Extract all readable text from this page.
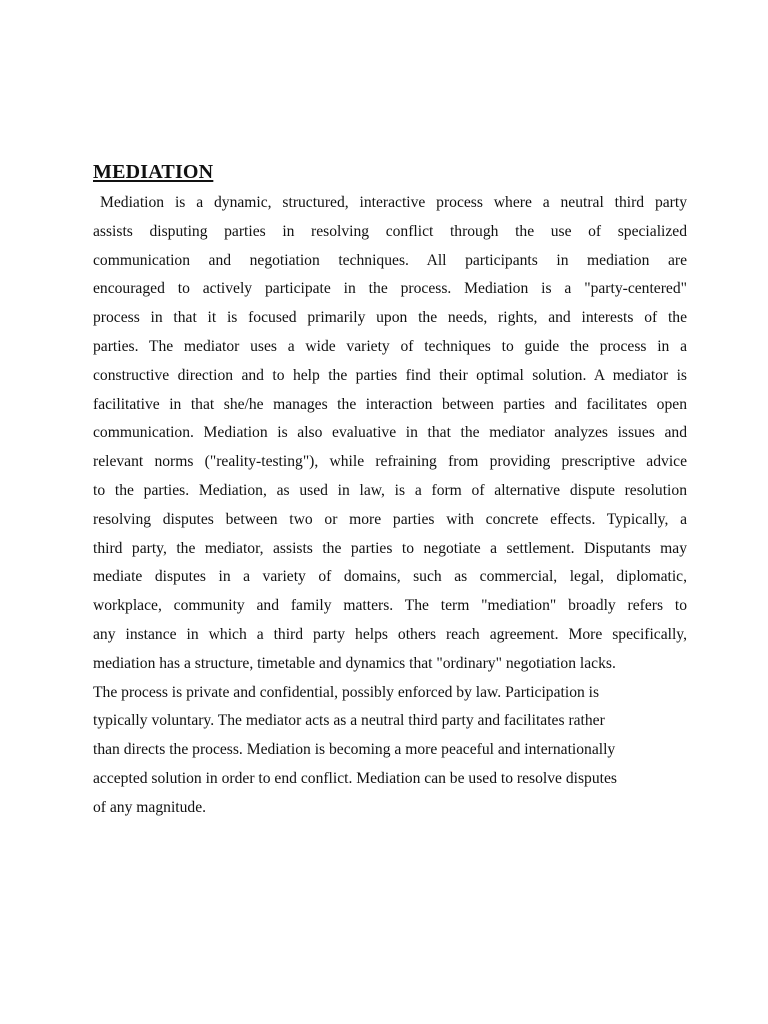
MEDIATION
Mediation is a dynamic, structured, interactive process where a neutral third party
assists disputing parties in resolving conflict through the use of specialized
communication and negotiation techniques. All participants in mediation are
encouraged to actively participate in the process. Mediation is a "party-centered"
process in that it is focused primarily upon the needs, rights, and interests of the
parties. The mediator uses a wide variety of techniques to guide the process in a
constructive direction and to help the parties find their optimal solution. A mediator is
facilitative in that she/he manages the interaction between parties and facilitates open
communication. Mediation is also evaluative in that the mediator analyzes issues and
relevant norms ("reality-testing"), while refraining from providing prescriptive advice
to the parties. Mediation, as used in law, is a form of alternative dispute resolution
resolving disputes between two or more parties with concrete effects. Typically, a
third party, the mediator, assists the parties to negotiate a settlement. Disputants may
mediate disputes in a variety of domains, such as commercial, legal, diplomatic,
workplace, community and family matters. The term "mediation" broadly refers to
any instance in which a third party helps others reach agreement. More specifically,
mediation has a structure, timetable and dynamics that "ordinary" negotiation lacks.
The process is private and confidential, possibly enforced by law. Participation is
typically voluntary. The mediator acts as a neutral third party and facilitates rather
than directs the process. Mediation is becoming a more peaceful and internationally
accepted solution in order to end conflict. Mediation can be used to resolve disputes
of any magnitude.
